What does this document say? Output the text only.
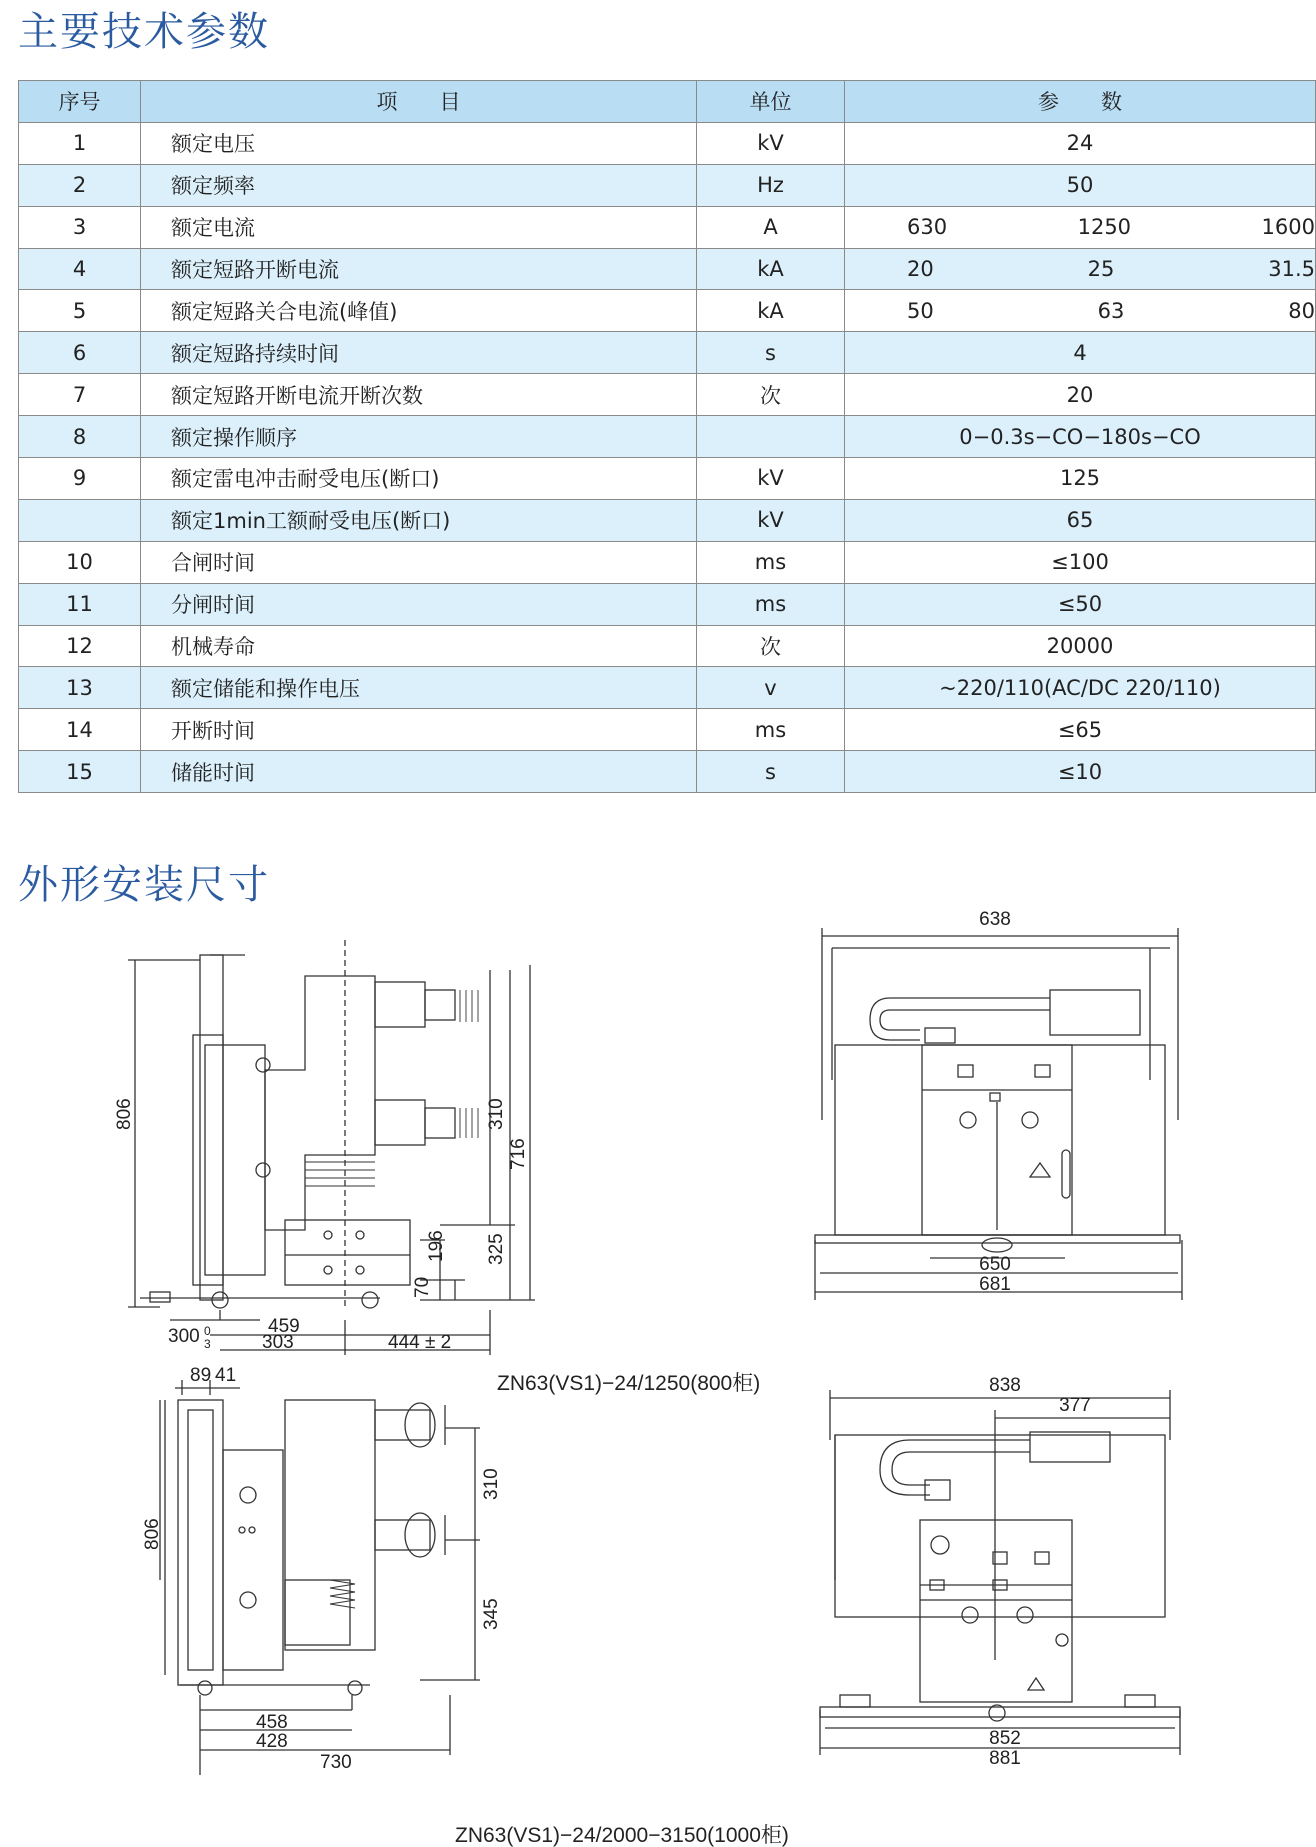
主要技术参数
序号	项　　目	单位	参　　数
1	额定电压	kV	24
2	额定频率	Hz	50
3	额定电流	A	630 1250 1600

4	额定短路开断电流	kA	20 25 31.5

5	额定短路关合电流(峰值)	kA	50 63 80

6	额定短路持续时间	s	4
7	额定短路开断电流开断次数	次	20
8	额定操作顺序		0−0.3s−CO−180s−CO
9	额定雷电冲击耐受电压(断口)	kV	125
	额定1min工额耐受电压(断口)	kV	65
10	合闸时间	ms	≤100
11	分闸时间	ms	≤50
12	机械寿命	次	20000
13	额定储能和操作电压	v	~220/110(AC/DC 220/110)
14	开断时间	ms	≤65
15	储能时间	s	≤10
外形安装尺寸
806	310
716
325
196
70
459
300 0
3	303	444 ± 2
638
650
681
ZN63(VS1)−24/1250(800柜)
89 41
806
310
345
458
428
730
838
377
852
881
ZN63(VS1)−24/2000−3150(1000柜)
